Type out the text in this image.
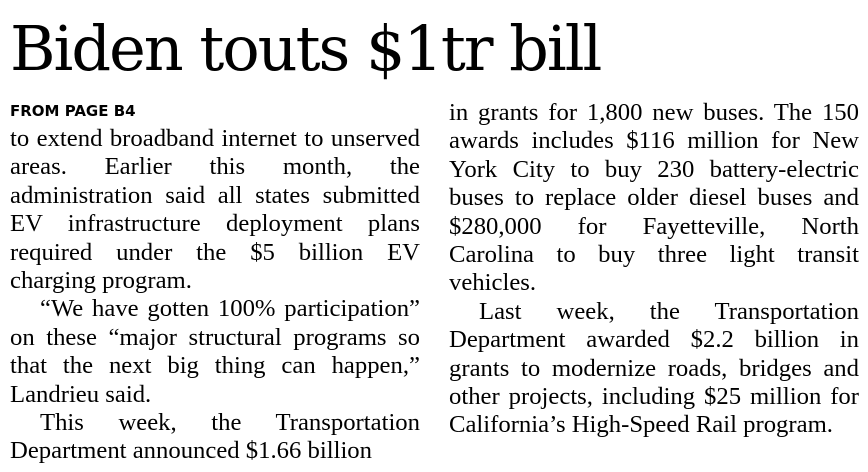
Biden touts $1tr bill
FROM PAGE B4

to extend broadband internet to unserved areas. Earlier this month, the administration said all states submitted EV infrastructure deployment plans required under the $5 billion EV charging program.

“We have gotten 100% participation” on these “major structural programs so that the next big thing can happen,” Landrieu said.

This week, the Transportation Department announced $1.66 billion

in grants for 1,800 new buses. The 150 awards includes $116 million for New York City to buy 230 battery-electric buses to replace older diesel buses and $280,000 for Fayetteville, North Carolina to buy three light transit vehicles.

Last week, the Transportation Department awarded $2.2 billion in grants to modernize roads, bridges and other projects, including $25 million for California’s High-Speed Rail program.
